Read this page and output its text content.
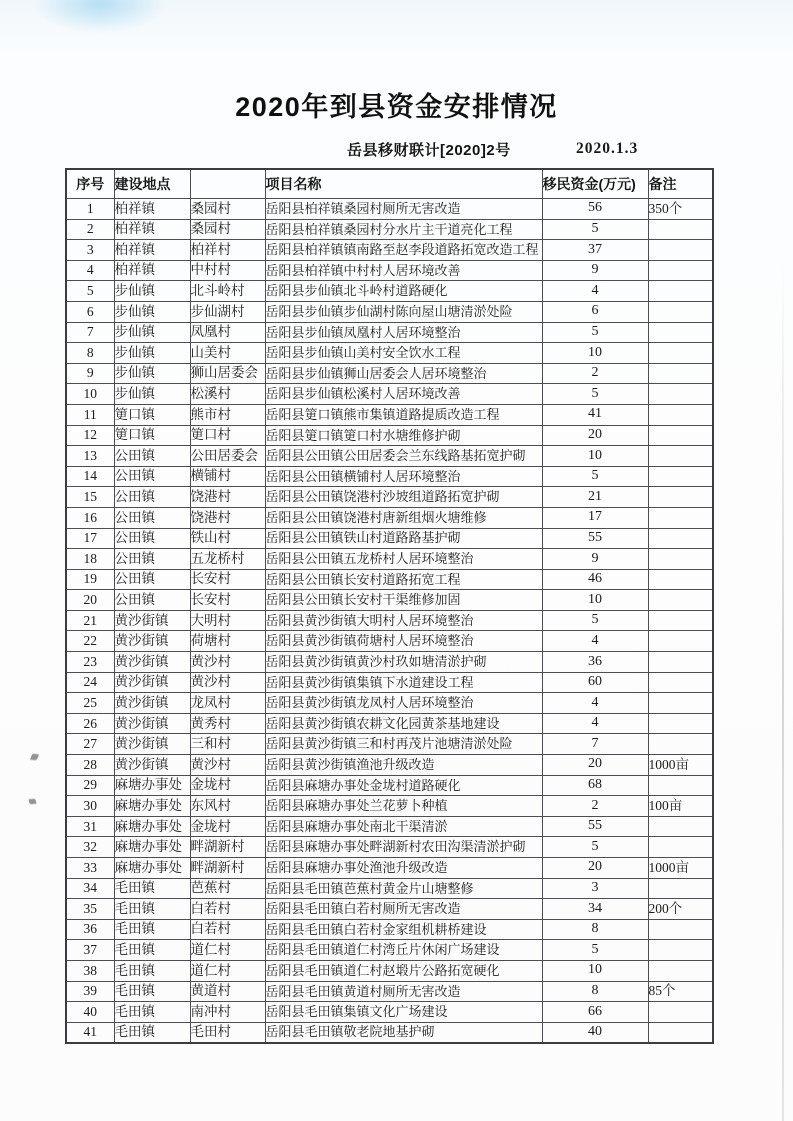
2020年到县资金安排情况
岳县移财联计[2020]2号	2020.1.3
序号	建设地点		项目名称	移民资金(万元)	备注
1	柏祥镇	桑园村	岳阳县柏祥镇桑园村厕所无害改造	56	350个
2	柏祥镇	桑园村	岳阳县柏祥镇桑园村分水片主干道亮化工程	5	
3	柏祥镇	柏祥村	岳阳县柏祥镇镇南路至赵李段道路拓宽改造工程	37	
4	柏祥镇	中村村	岳阳县柏祥镇中村村人居环境改善	9	
5	步仙镇	北斗岭村	岳阳县步仙镇北斗岭村道路硬化	4	
6	步仙镇	步仙湖村	岳阳县步仙镇步仙湖村陈向屋山塘清淤处险	6	
7	步仙镇	凤凰村	岳阳县步仙镇凤凰村人居环境整治	5	
8	步仙镇	山美村	岳阳县步仙镇山美村安全饮水工程	10	
9	步仙镇	狮山居委会	岳阳县步仙镇狮山居委会人居环境整治	2	
10	步仙镇	松溪村	岳阳县步仙镇松溪村人居环境改善	5	
11	筻口镇	熊市村	岳阳县筻口镇熊市集镇道路提质改造工程	41	
12	筻口镇	筻口村	岳阳县筻口镇筻口村水塘维修护砌	20	
13	公田镇	公田居委会	岳阳县公田镇公田居委会兰东线路基拓宽护砌	10	
14	公田镇	横铺村	岳阳县公田镇横铺村人居环境整治	5	
15	公田镇	饶港村	岳阳县公田镇饶港村沙坡组道路拓宽护砌	21	
16	公田镇	饶港村	岳阳县公田镇饶港村唐新组烟火塘维修	17	
17	公田镇	铁山村	岳阳县公田镇铁山村道路路基护砌	55	
18	公田镇	五龙桥村	岳阳县公田镇五龙桥村人居环境整治	9	
19	公田镇	长安村	岳阳县公田镇长安村道路拓宽工程	46	
20	公田镇	长安村	岳阳县公田镇长安村干渠维修加固	10	
21	黄沙街镇	大明村	岳阳县黄沙街镇大明村人居环境整治	5	
22	黄沙街镇	荷塘村	岳阳县黄沙街镇荷塘村人居环境整治	4	
23	黄沙街镇	黄沙村	岳阳县黄沙街镇黄沙村玖如塘清淤护砌	36	
24	黄沙街镇	黄沙村	岳阳县黄沙街镇集镇下水道建设工程	60	
25	黄沙街镇	龙凤村	岳阳县黄沙街镇龙凤村人居环境整治	4	
26	黄沙街镇	黄秀村	岳阳县黄沙街镇农耕文化园黄茶基地建设	4	
27	黄沙街镇	三和村	岳阳县黄沙街镇三和村再茂片池塘清淤处险	7	
28	黄沙街镇	黄沙村	岳阳县黄沙街镇渔池升级改造	20	1000亩
29	麻塘办事处	金垅村	岳阳县麻塘办事处金垅村道路硬化	68	
30	麻塘办事处	东风村	岳阳县麻塘办事处兰花萝卜种植	2	100亩
31	麻塘办事处	金垅村	岳阳县麻塘办事处南北干渠清淤	55	
32	麻塘办事处	畔湖新村	岳阳县麻塘办事处畔湖新村农田沟渠清淤护砌	5	
33	麻塘办事处	畔湖新村	岳阳县麻塘办事处渔池升级改造	20	1000亩
34	毛田镇	芭蕉村	岳阳县毛田镇芭蕉村黄金片山塘整修	3	
35	毛田镇	白若村	岳阳县毛田镇白若村厕所无害改造	34	200个
36	毛田镇	白若村	岳阳县毛田镇白若村金家组机耕桥建设	8	
37	毛田镇	道仁村	岳阳县毛田镇道仁村湾丘片休闲广场建设	5	
38	毛田镇	道仁村	岳阳县毛田镇道仁村赵塅片公路拓宽硬化	10	
39	毛田镇	黄道村	岳阳县毛田镇黄道村厕所无害改造	8	85个
40	毛田镇	南冲村	岳阳县毛田镇集镇文化广场建设	66	
41	毛田镇	毛田村	岳阳县毛田镇敬老院地基护砌	40	
